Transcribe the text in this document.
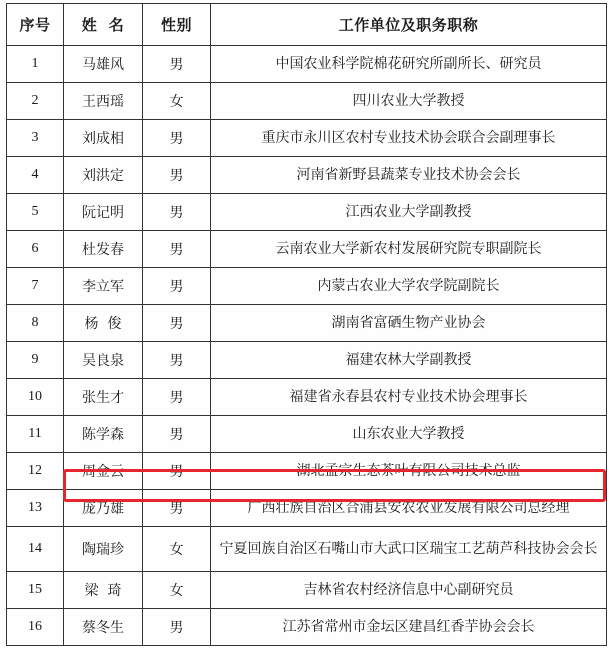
序号	姓  名	性别	工作单位及职务职称
1	马雄风	男	中国农业科学院棉花研究所副所长、研究员
2	王西瑶	女	四川农业大学教授
3	刘成相	男	重庆市永川区农村专业技术协会联合会副理事长
4	刘洪定	男	河南省新野县蔬菜专业技术协会会长
5	阮记明	男	江西农业大学副教授
6	杜发春	男	云南农业大学新农村发展研究院专职副院长
7	李立军	男	内蒙古农业大学农学院副院长
8	杨  俊	男	湖南省富硒生物产业协会
9	吴良泉	男	福建农林大学副教授
10	张生才	男	福建省永春县农村专业技术协会理事长
11	陈学森	男	山东农业大学教授
12	周金云	男	湖北孟宗生态茶叶有限公司技术总监
13	庞乃雄	男	广西壮族自治区合浦县安农农业发展有限公司总经理
14	陶瑞珍	女	宁夏回族自治区石嘴山市大武口区瑞宝工艺葫芦科技协会会长
15	梁  琦	女	吉林省农村经济信息中心副研究员
16	蔡冬生	男	江苏省常州市金坛区建昌红香芋协会会长
